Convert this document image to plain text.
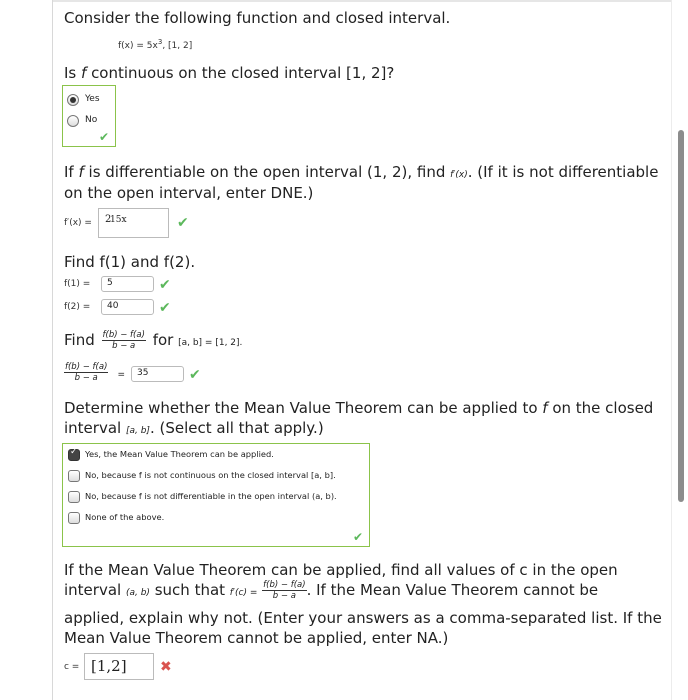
Consider the following function and closed interval.
$f(x) = 5x^3$, [1, 2]
Is f continuous on the closed interval [1, 2]?
Yes
No
✔
If f is differentiable on the open interval (1, 2), find f′(x). (If it is not differentiable
on the open interval, enter DNE.)
f′(x) = 15x
$^2$	✔
Find f(1) and f(2).
f(1) = 5	✔
f(2) = 40	✔
Find $\frac{f(b) - f(a)}{b - a}$ for [a, b] = [1, 2].
$\frac{f(b) - f(a)}{b - a} = 35$	✔
Determine whether the Mean Value Theorem can be applied to f on the closed
interval [a, b]. (Select all that apply.)
✓
Yes, the Mean Value Theorem can be applied.
No, because f is not continuous on the closed interval [a, b].
No, because f is not differentiable in the open interval (a, b).
None of the above.
✔
If the Mean Value Theorem can be applied, find all values of c in the open
interval (a, b) such that $f'(c) = \frac{f(b) - f(a)}{b - a}$ . If the Mean Value Theorem cannot be
applied, explain why not. (Enter your answers as a comma-separated list. If the
Mean Value Theorem cannot be applied, enter NA.)
c = [1,2] ✖
